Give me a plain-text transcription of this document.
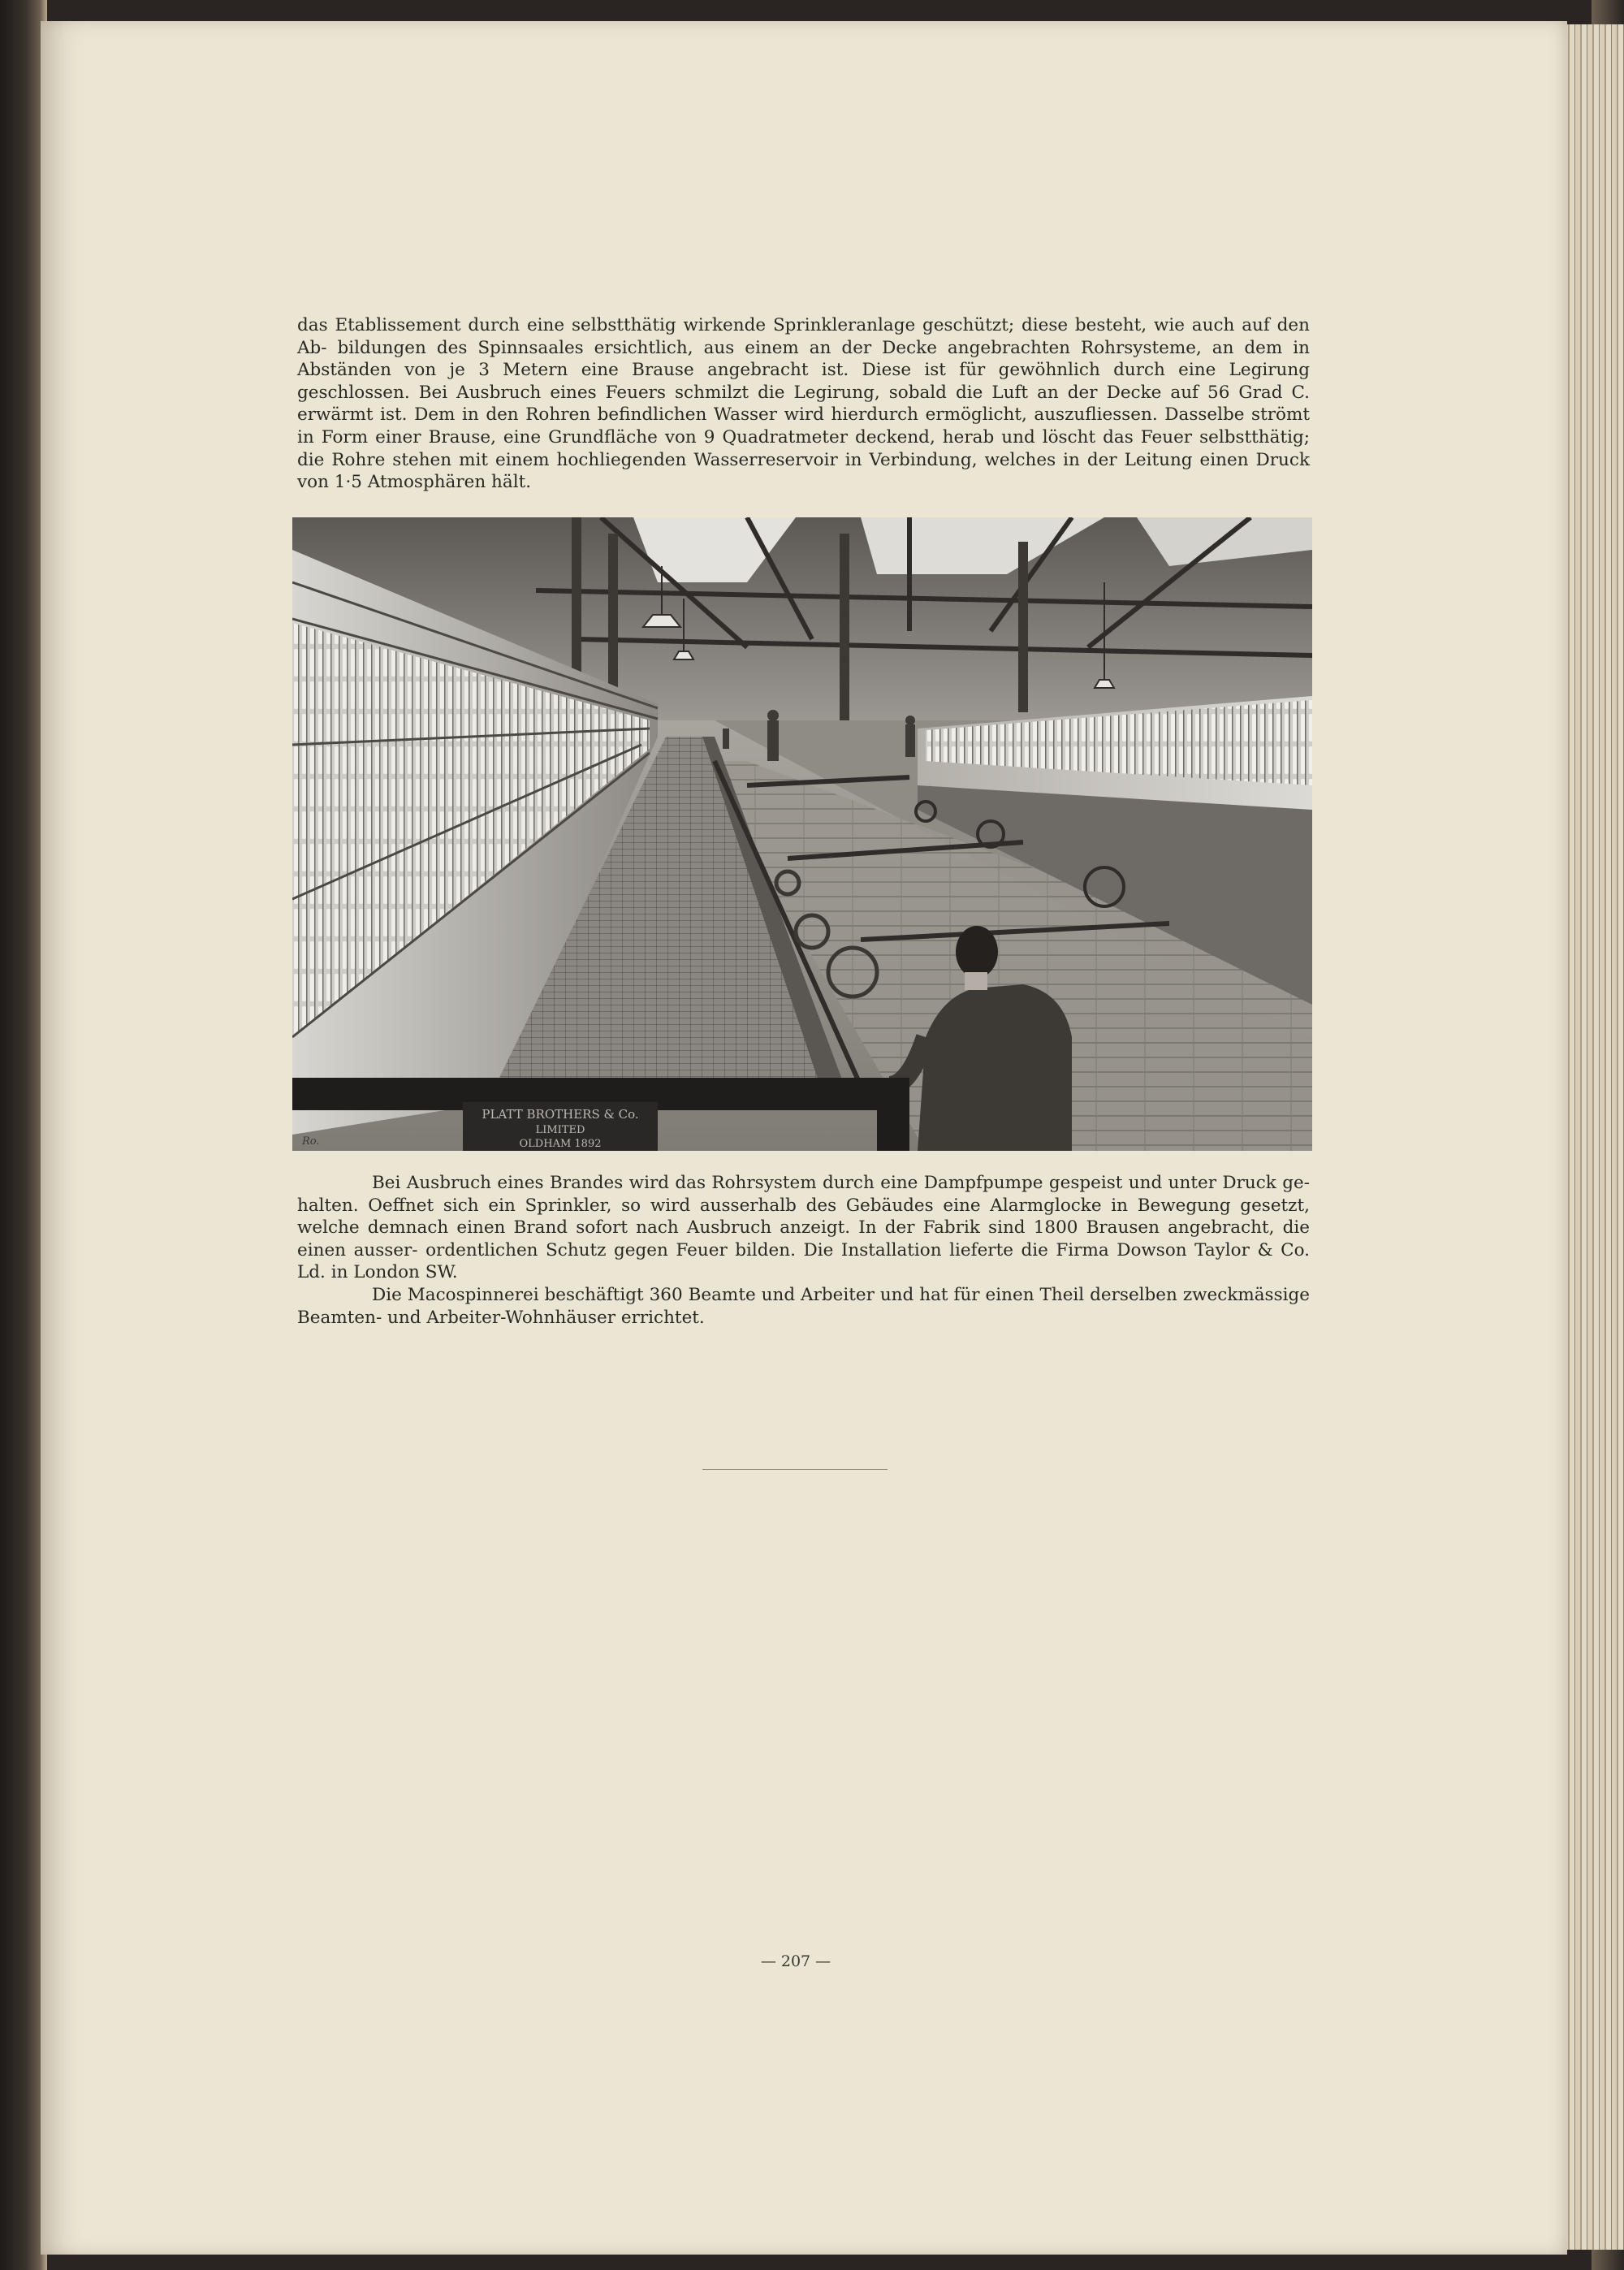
das Etablissement durch eine selbstthätig wirkende Sprinkleranlage geschützt; diese besteht, wie auch auf den Ab- bildungen des Spinnsaales ersichtlich, aus einem an der Decke angebrachten Rohrsysteme, an dem in Abständen von je 3 Metern eine Brause angebracht ist. Diese ist für gewöhnlich durch eine Legirung geschlossen. Bei Ausbruch eines Feuers schmilzt die Legirung, sobald die Luft an der Decke auf 56 Grad C. erwärmt ist. Dem in den Rohren befindlichen Wasser wird hierdurch ermöglicht, auszufliessen. Dasselbe strömt in Form einer Brause, eine Grundfläche von 9 Quadratmeter deckend, herab und löscht das Feuer selbstthätig; die Rohre stehen mit einem hochliegenden Wasserreservoir in Verbindung, welches in der Leitung einen Druck von 1·5 Atmosphären hält.

PLATT BROTHERS & Co.
LIMITED
OLDHAM 1892
Ro.

Bei Ausbruch eines Brandes wird das Rohrsystem durch eine Dampfpumpe gespeist und unter Druck ge- halten. Oeffnet sich ein Sprinkler, so wird ausserhalb des Gebäudes eine Alarmglocke in Bewegung gesetzt, welche demnach einen Brand sofort nach Ausbruch anzeigt. In der Fabrik sind 1800 Brausen angebracht, die einen ausser- ordentlichen Schutz gegen Feuer bilden. Die Installation lieferte die Firma Dowson Taylor & Co. Ld. in London SW.

Die Macospinnerei beschäftigt 360 Beamte und Arbeiter und hat für einen Theil derselben zweckmässige Beamten- und Arbeiter-Wohnhäuser errichtet.

— 207 —
